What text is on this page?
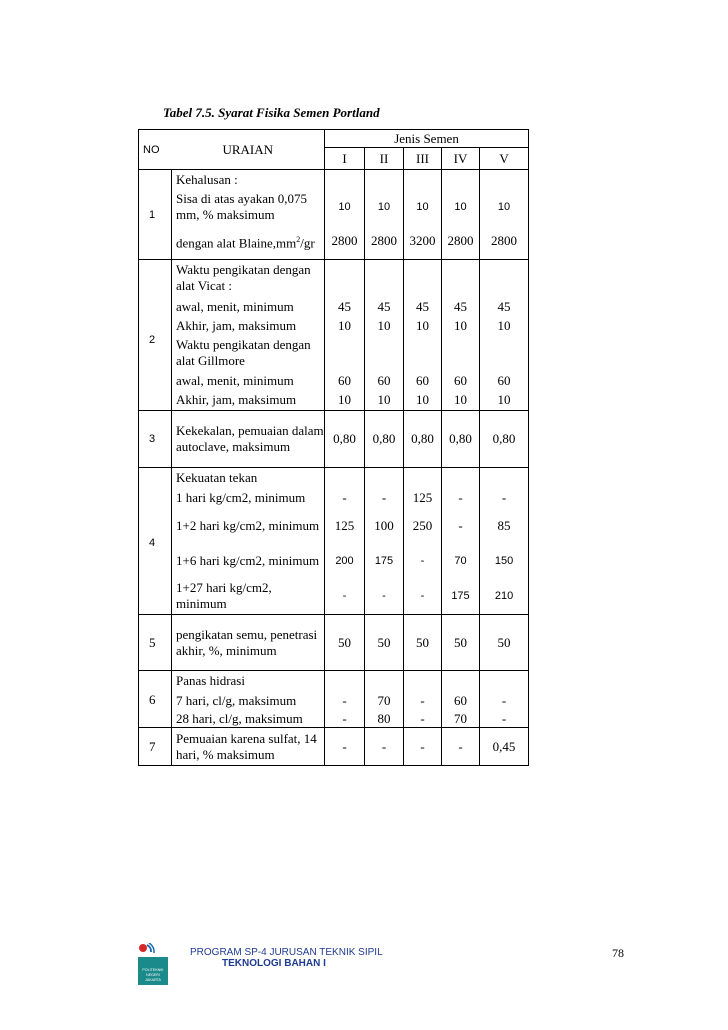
Tabel 7.5. Syarat Fisika Semen Portland
NO	URAIAN	Jenis Semen				
		I	II	III	IV	V
1	Kehalusan :					
	Sisa di atas ayakan 0,075 mm, % maksimum	10	10	10	10	10
	dengan alat $Blaine,mm^2/gr$	2800	2800	3200	2800	2800
2	Waktu pengikatan dengan alat Vicat :					
	awal, menit, minimum	45	45	45	45	45
	Akhir, jam, maksimum	10	10	10	10	10
	Waktu pengikatan dengan alat Gillmore					
	awal, menit, minimum	60	60	60	60	60
	Akhir, jam, maksimum	10	10	10	10	10
3	Kekekalan, pemuaian dalam autoclave, maksimum	0,80	0,80	0,80	0,80	0,80
4	Kekuatan tekan					
	1 hari kg/cm2, minimum	-	-	125	-	-
	1+2 hari kg/cm2, minimum	125	100	250	-	85
	1+6 hari kg/cm2, minimum	200	175	-	70	150
	1+27 hari kg/cm2, minimum	-	-	-	175	210
5	pengikatan semu, penetrasi akhir, %, minimum	50	50	50	50	50
6	Panas hidrasi					
	7 hari, cl/g, maksimum	-	70	-	60	-
	28 hari, cl/g, maksimum	-	80	-	70	-
7	Pemuaian karena sulfat, 14 hari, % maksimum	-	-	-	-	0,45
POLITEKNIK
NEGERI
JAKARTA
PROGRAM SP-4 JURUSAN TEKNIK SIPIL
TEKNOLOGI BAHAN I
78
